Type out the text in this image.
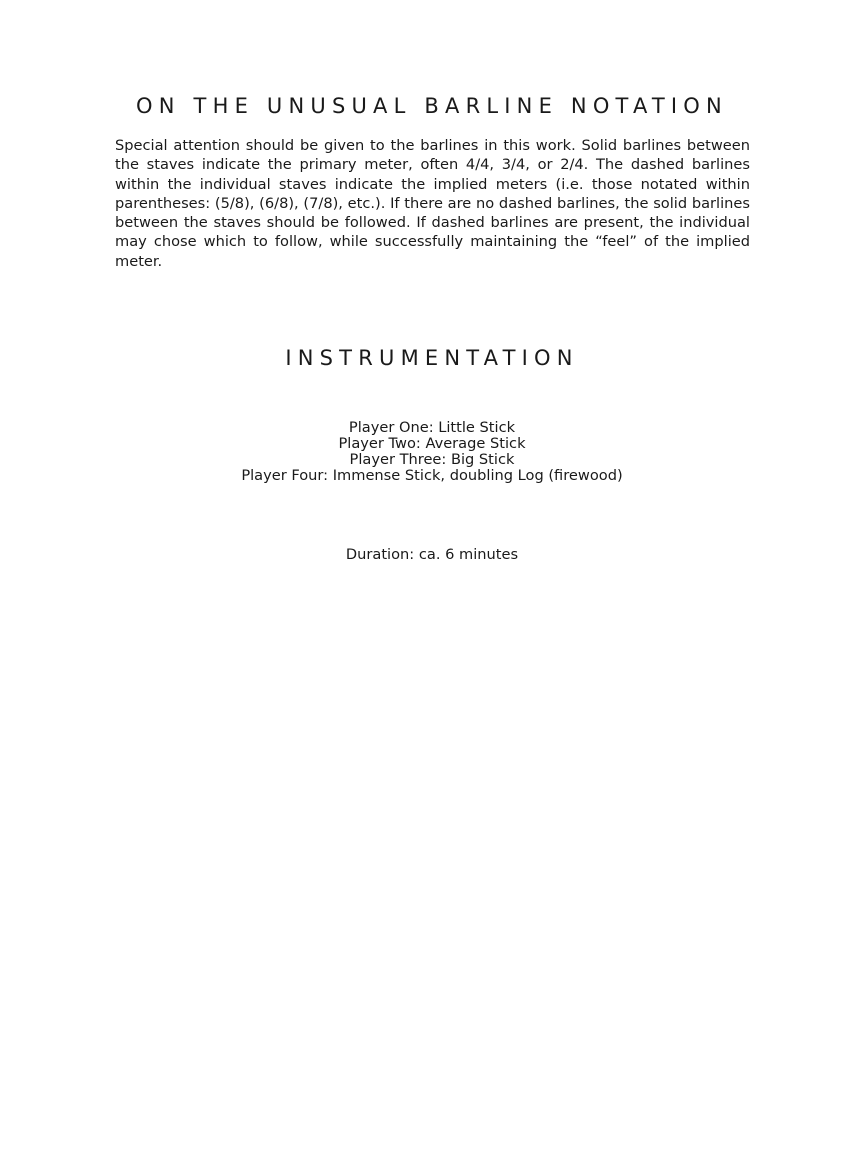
ON THE UNUSUAL BARLINE NOTATION

Special attention should be given to the barlines in this work. Solid barlines between the staves indicate the primary meter, often 4/4, 3/4, or 2/4. The dashed barlines within the individual staves indicate the implied meters (i.e. those notated within parentheses: (5/8), (6/8), (7/8), etc.). If there are no dashed barlines, the solid barlines between the staves should be followed. If dashed barlines are present, the individual may chose which to follow, while successfully maintaining the “feel” of the implied meter.

INSTRUMENTATION
Player One: Little Stick
Player Two: Average Stick
Player Three: Big Stick
Player Four: Immense Stick, doubling Log (firewood)

Duration: ca. 6 minutes
